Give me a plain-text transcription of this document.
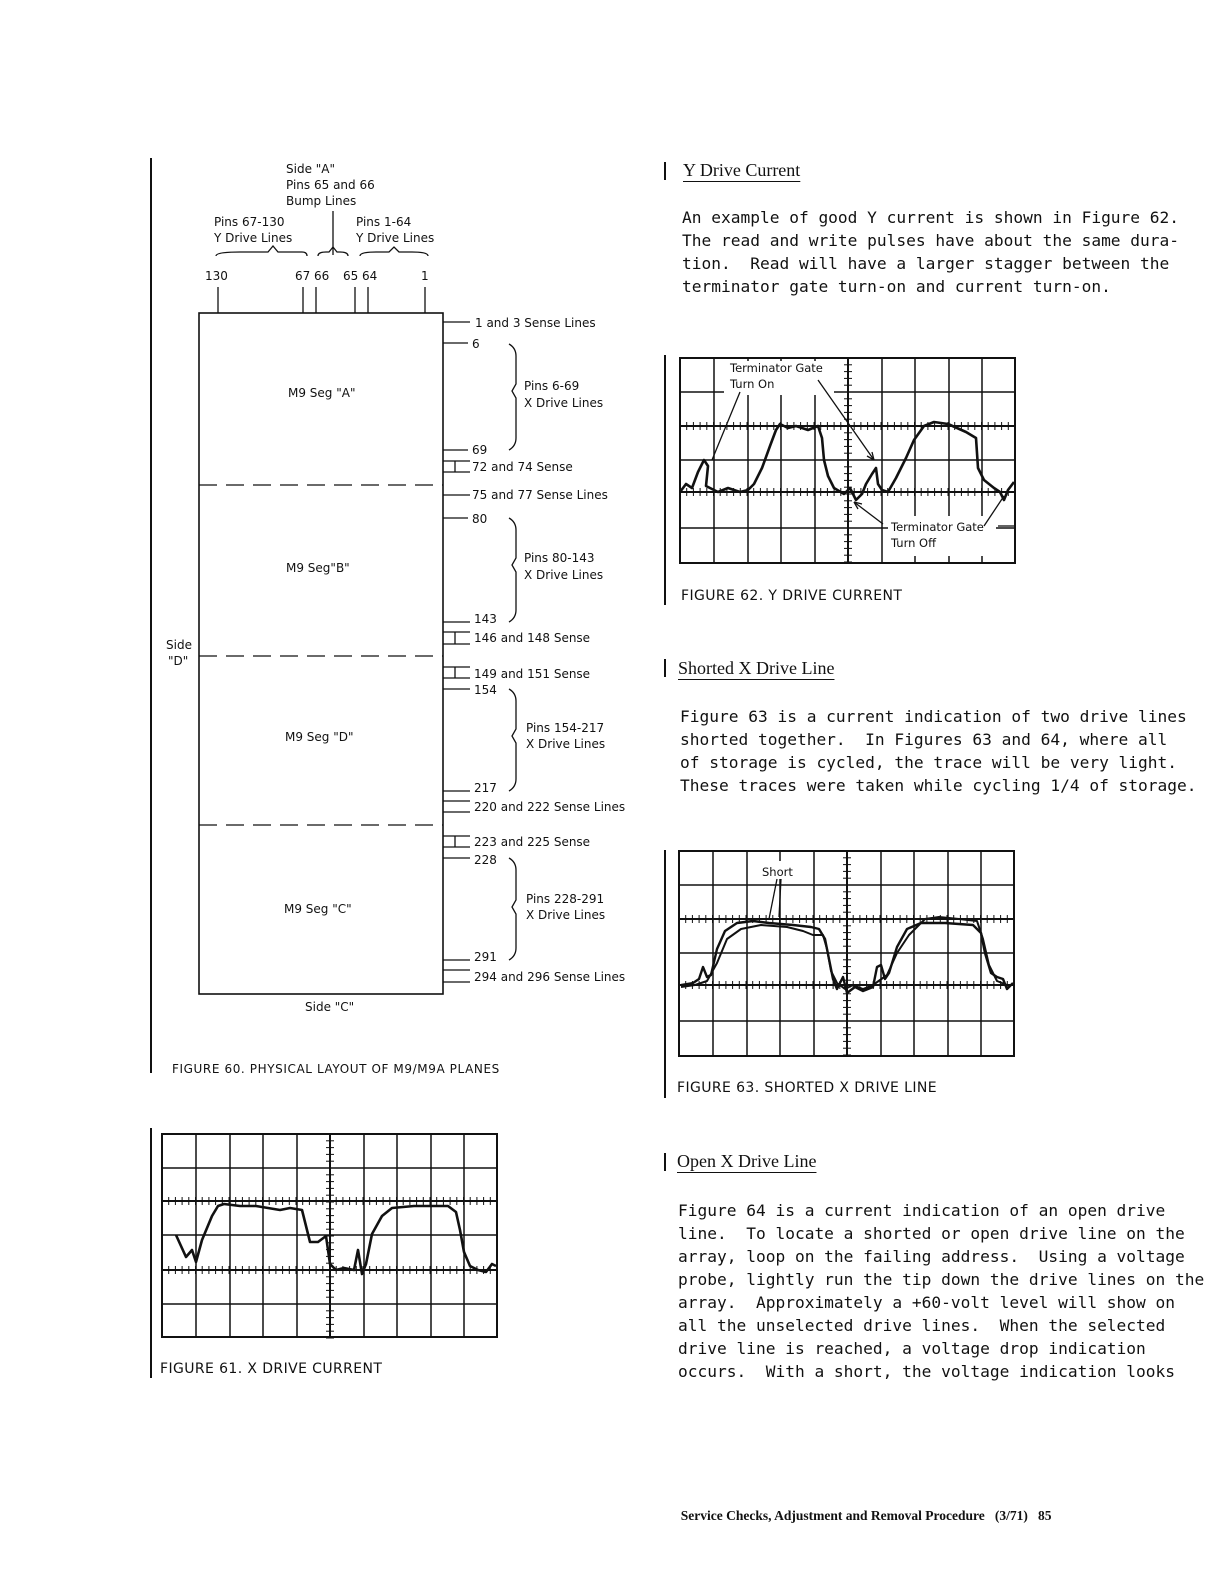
Side "A"
Pins 65 and 66
Bump Lines
Pins 67-130
Y Drive Lines
Pins 1-64
Y Drive Lines
130	67 66 65 64	1
Side
"D"
Side "C"
M9 Seg "A"
M9 Seg"B"
M9 Seg "D"
M9 Seg "C"
1 and 3 Sense Lines
6
Pins 6-69
X Drive Lines
69
72 and 74 Sense
75 and 77 Sense Lines
80
Pins 80-143
X Drive Lines
143
146 and 148 Sense
149 and 151 Sense
154
Pins 154-217
X Drive Lines
217
220 and 222 Sense Lines
223 and 225 Sense
228
Pins 228-291
X Drive Lines
291
294 and 296 Sense Lines
FIGURE 60. PHYSICAL LAYOUT OF M9/M9A PLANES
FIGURE 61. X DRIVE CURRENT
Terminator Gate
Turn On
Terminator Gate
Turn Off
FIGURE 62. Y DRIVE CURRENT
Short
FIGURE 63. SHORTED X DRIVE LINE
Y Drive Current
An example of good Y current is shown in Figure 62.
The read and write pulses have about the same dura-
tion.  Read will have a larger stagger between the
terminator gate turn-on and current turn-on.
Shorted X Drive Line
Figure 63 is a current indication of two drive lines
shorted together.  In Figures 63 and 64, where all
of storage is cycled, the trace will be very light.
These traces were taken while cycling 1/4 of storage.
Open X Drive Line
Figure 64 is a current indication of an open drive
line.  To locate a shorted or open drive line on the
array, loop on the failing address.  Using a voltage
probe, lightly run the tip down the drive lines on the
array.  Approximately a +60-volt level will show on
all the unselected drive lines.  When the selected
drive line is reached, a voltage drop indication
occurs.  With a short, the voltage indication looks

Service Checks, Adjustment and Removal Procedure (3/71) 85
